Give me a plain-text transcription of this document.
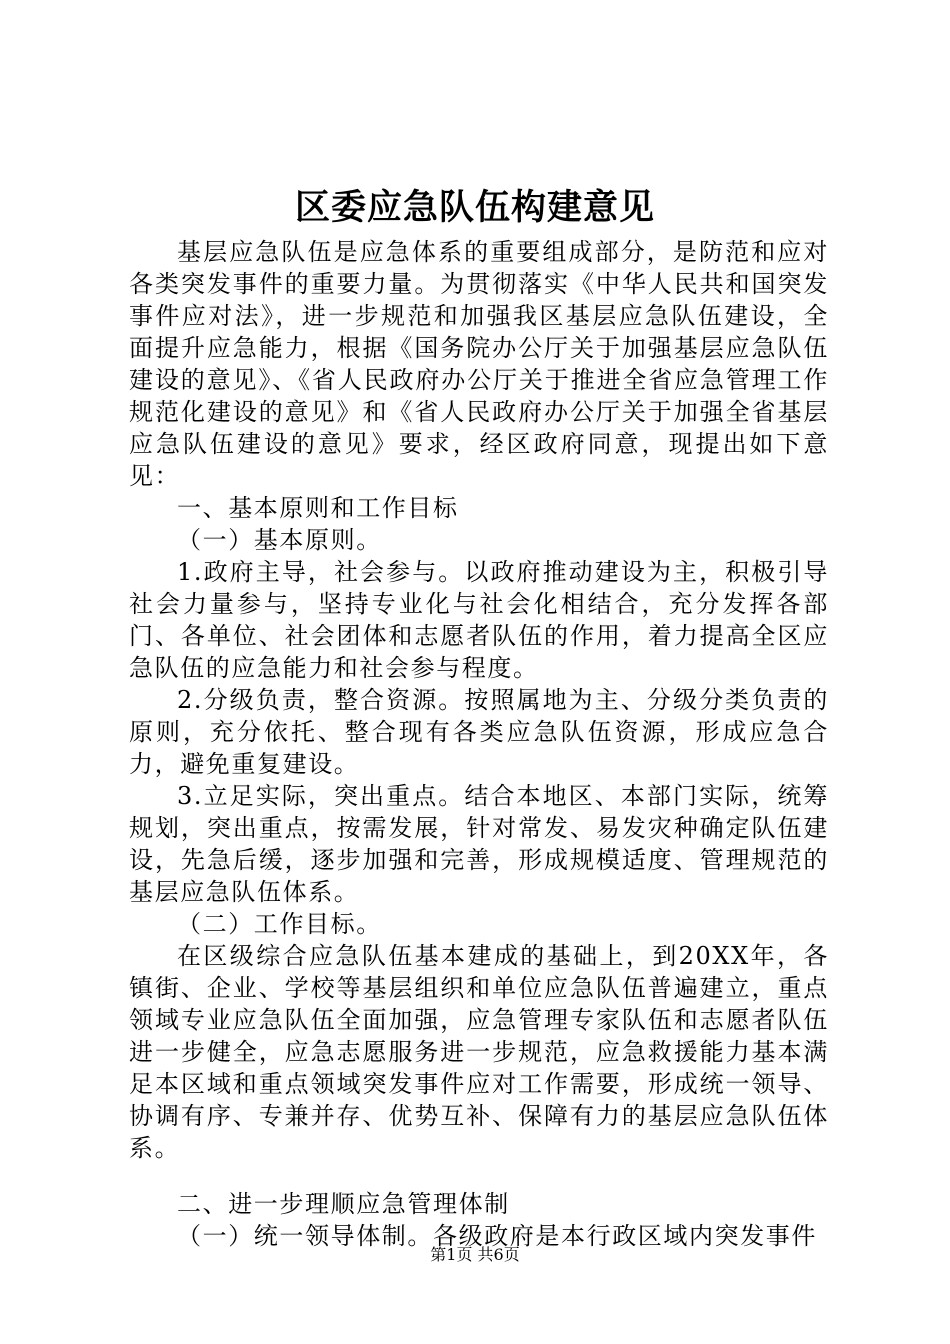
区委应急队伍构建意见

基层应急队伍是应急体系的重要组成部分，是防范和应对各类突发事件的重要力量。为贯彻落实《中华人民共和国突发事件应对法》，进一步规范和加强我区基层应急队伍建设，全面提升应急能力，根据《国务院办公厅关于加强基层应急队伍建设的意见》、《省人民政府办公厅关于推进全省应急管理工作规范化建设的意见》和《省人民政府办公厅关于加强全省基层应急队伍建设的意见》要求，经区政府同意，现提出如下意见：

一、基本原则和工作目标

（一）基本原则。

1.政府主导，社会参与。以政府推动建设为主，积极引导社会力量参与，坚持专业化与社会化相结合，充分发挥各部门、各单位、社会团体和志愿者队伍的作用，着力提高全区应急队伍的应急能力和社会参与程度。

2.分级负责，整合资源。按照属地为主、分级分类负责的原则，充分依托、整合现有各类应急队伍资源，形成应急合力，避免重复建设。

3.立足实际，突出重点。结合本地区、本部门实际，统筹规划，突出重点，按需发展，针对常发、易发灾种确定队伍建设，先急后缓，逐步加强和完善，形成规模适度、管理规范的基层应急队伍体系。

（二）工作目标。

在区级综合应急队伍基本建成的基础上，到20XX年，各镇街、企业、学校等基层组织和单位应急队伍普遍建立，重点领域专业应急队伍全面加强，应急管理专家队伍和志愿者队伍进一步健全，应急志愿服务进一步规范，应急救援能力基本满足本区域和重点领域突发事件应对工作需要，形成统一领导、协调有序、专兼并存、优势互补、保障有力的基层应急队伍体系。

二、进一步理顺应急管理体制

（一）统一领导体制。各级政府是本行政区域内突发事件

第1页 共6页
